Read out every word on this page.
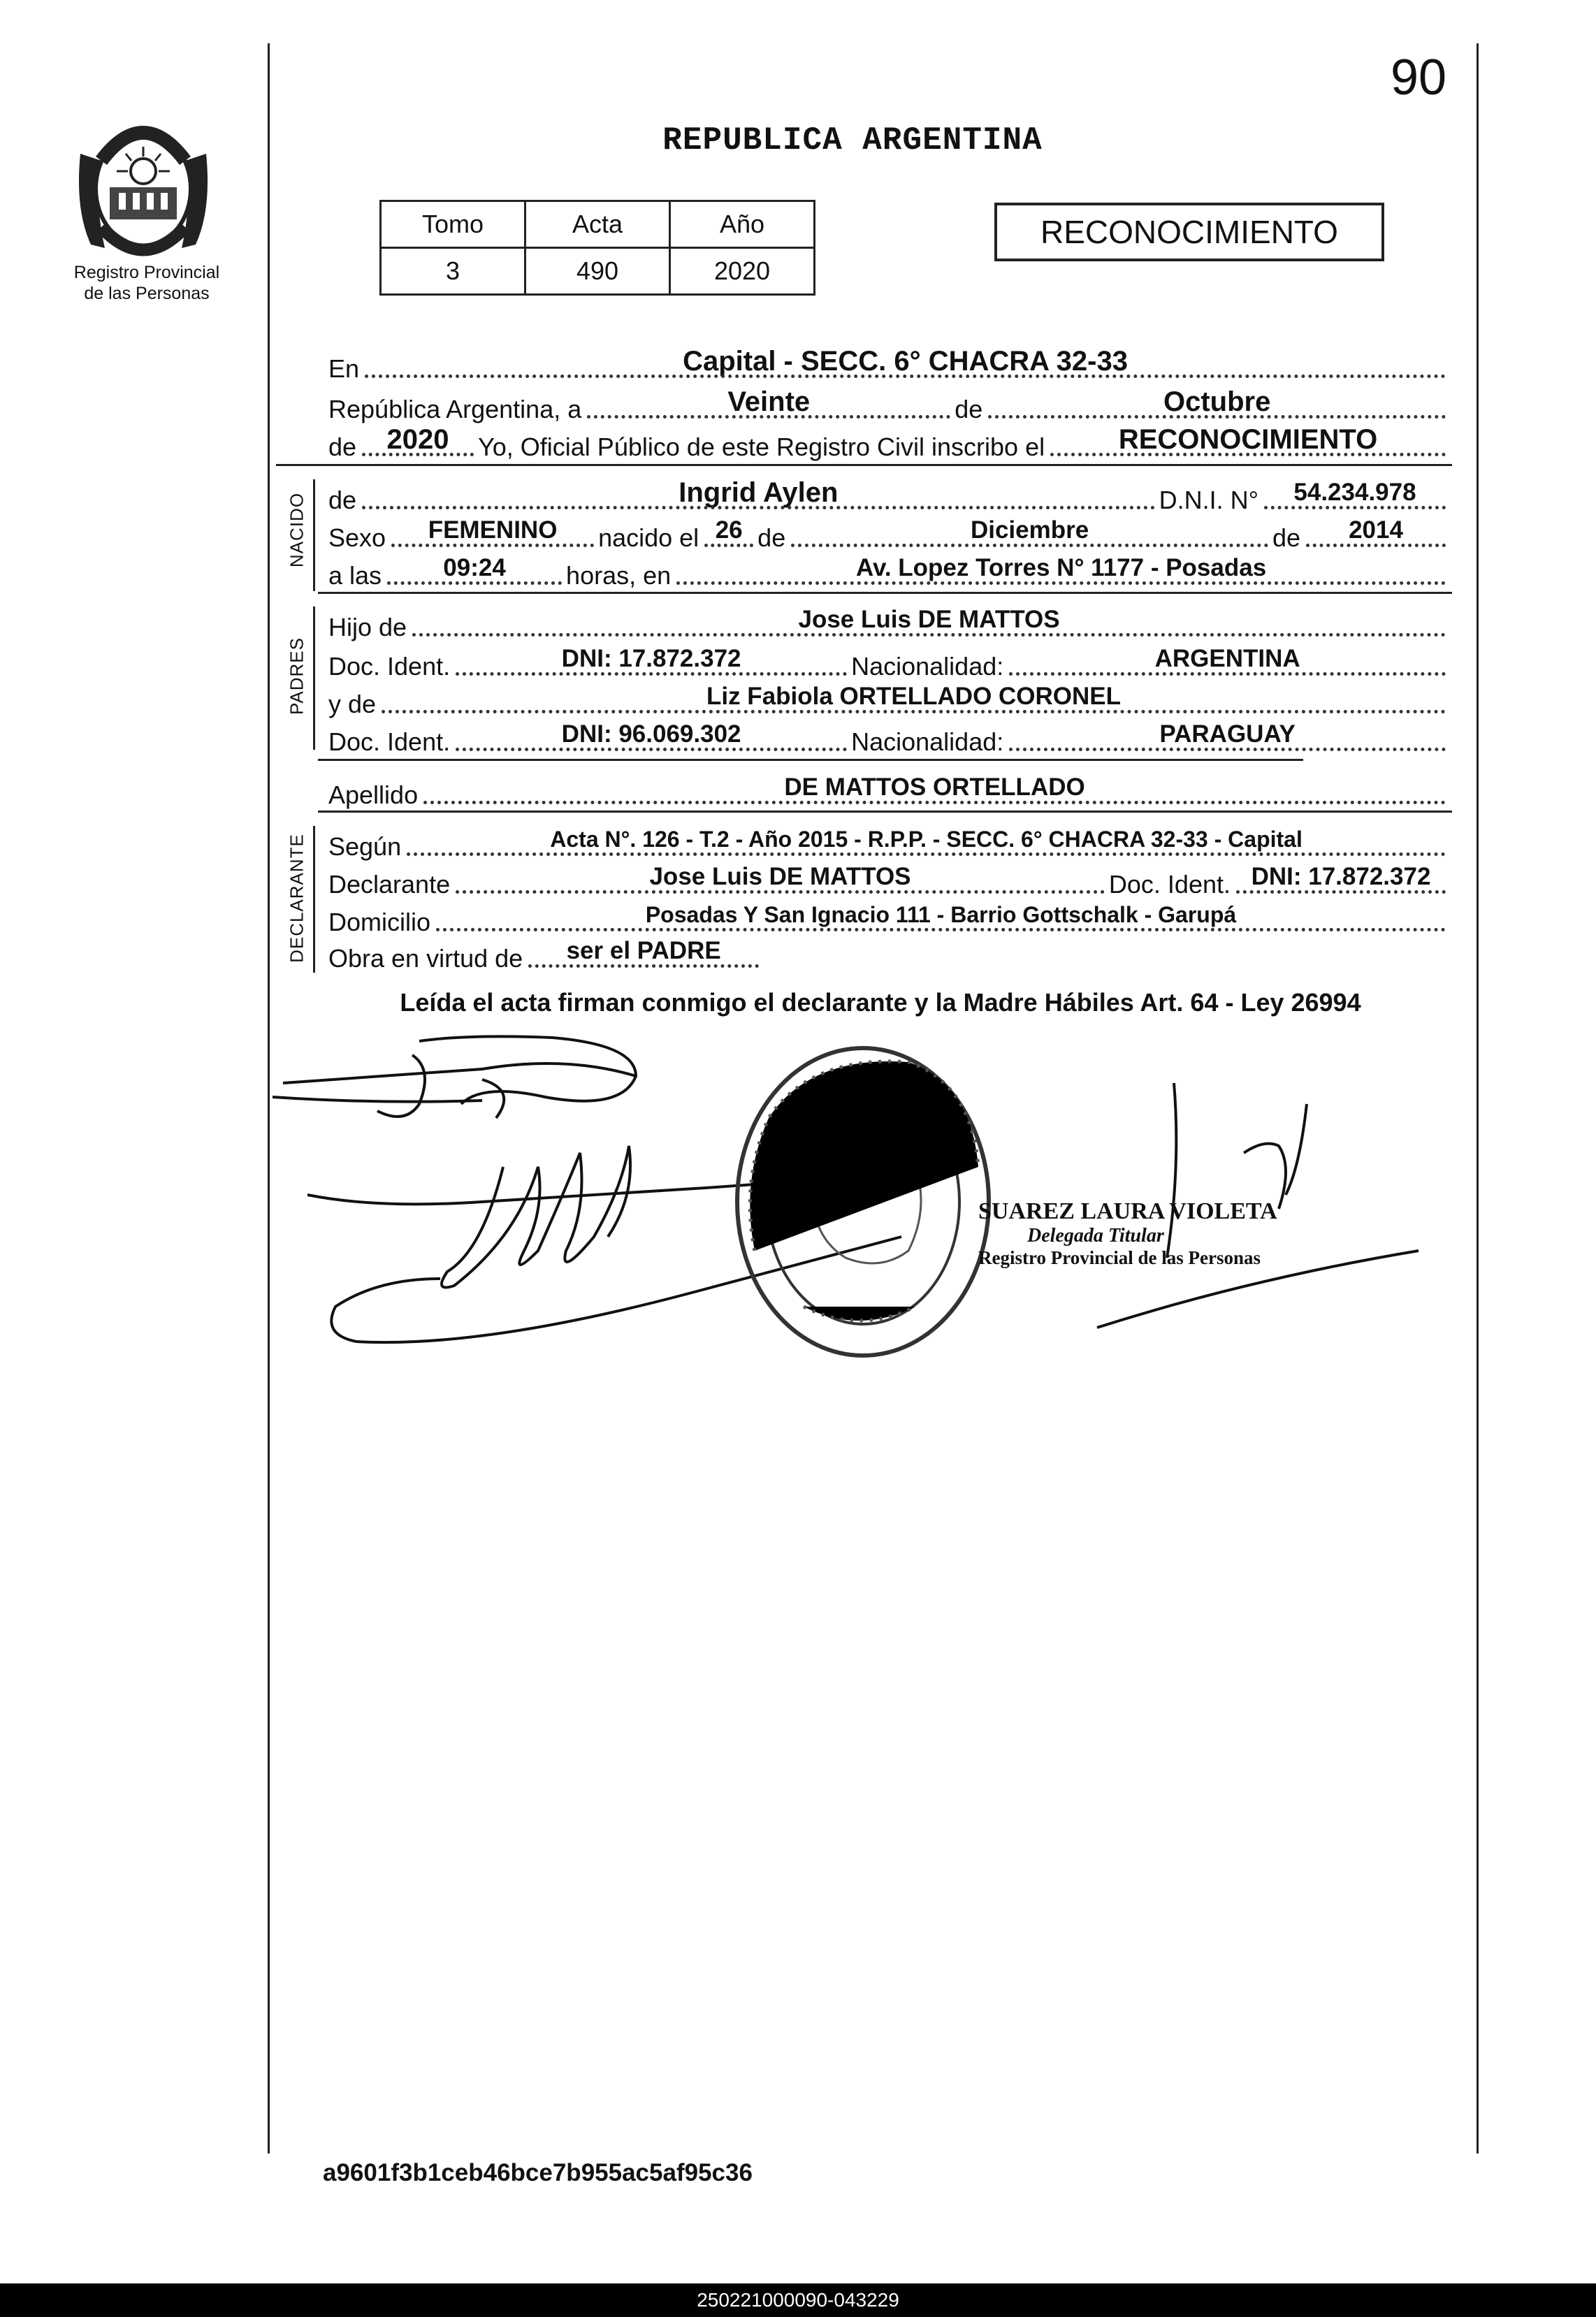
90
Registro Provincial
de las Personas
REPUBLICA ARGENTINA
Tomo	Acta	Año
3	490	2020
RECONOCIMIENTO
En	Capital - SECC. 6° CHACRA 32-33
República Argentina, a	Veinte	de	Octubre
de	2020	Yo, Oficial Público de este Registro Civil inscribo el	RECONOCIMIENTO
NACIDO de	Ingrid Aylen	D.N.I. N°	54.234.978
Sexo	FEMENINO	nacido el 26 de	Diciembre	de	2014
a las	09:24	horas, en	Av. Lopez Torres N° 1177 - Posadas
PADRES
Hijo de	Jose Luis DE MATTOS
Doc. Ident.	DNI: 17.872.372	Nacionalidad:	ARGENTINA
y de	Liz Fabiola ORTELLADO CORONEL
Doc. Ident.	DNI: 96.069.302	Nacionalidad:	PARAGUAY
Apellido	DE MATTOS ORTELLADO
DECLARANTE Según	Acta N°. 126 - T.2 - Año 2015 - R.P.P. - SECC. 6° CHACRA 32-33 - Capital
Declarante	Jose Luis DE MATTOS	Doc. Ident. DNI: 17.872.372
Domicilio	Posadas Y San Ignacio 111 - Barrio Gottschalk - Garupá
Obra en virtud de	ser el PADRE
Leída el acta firman conmigo el declarante y la Madre Hábiles Art. 64 - Ley 26994
SUAREZ LAURA VIOLETA
Delegada Titular
Registro Provincial de las Personas
a9601f3b1ceb46bce7b955ac5af95c36
250221000090-043229
